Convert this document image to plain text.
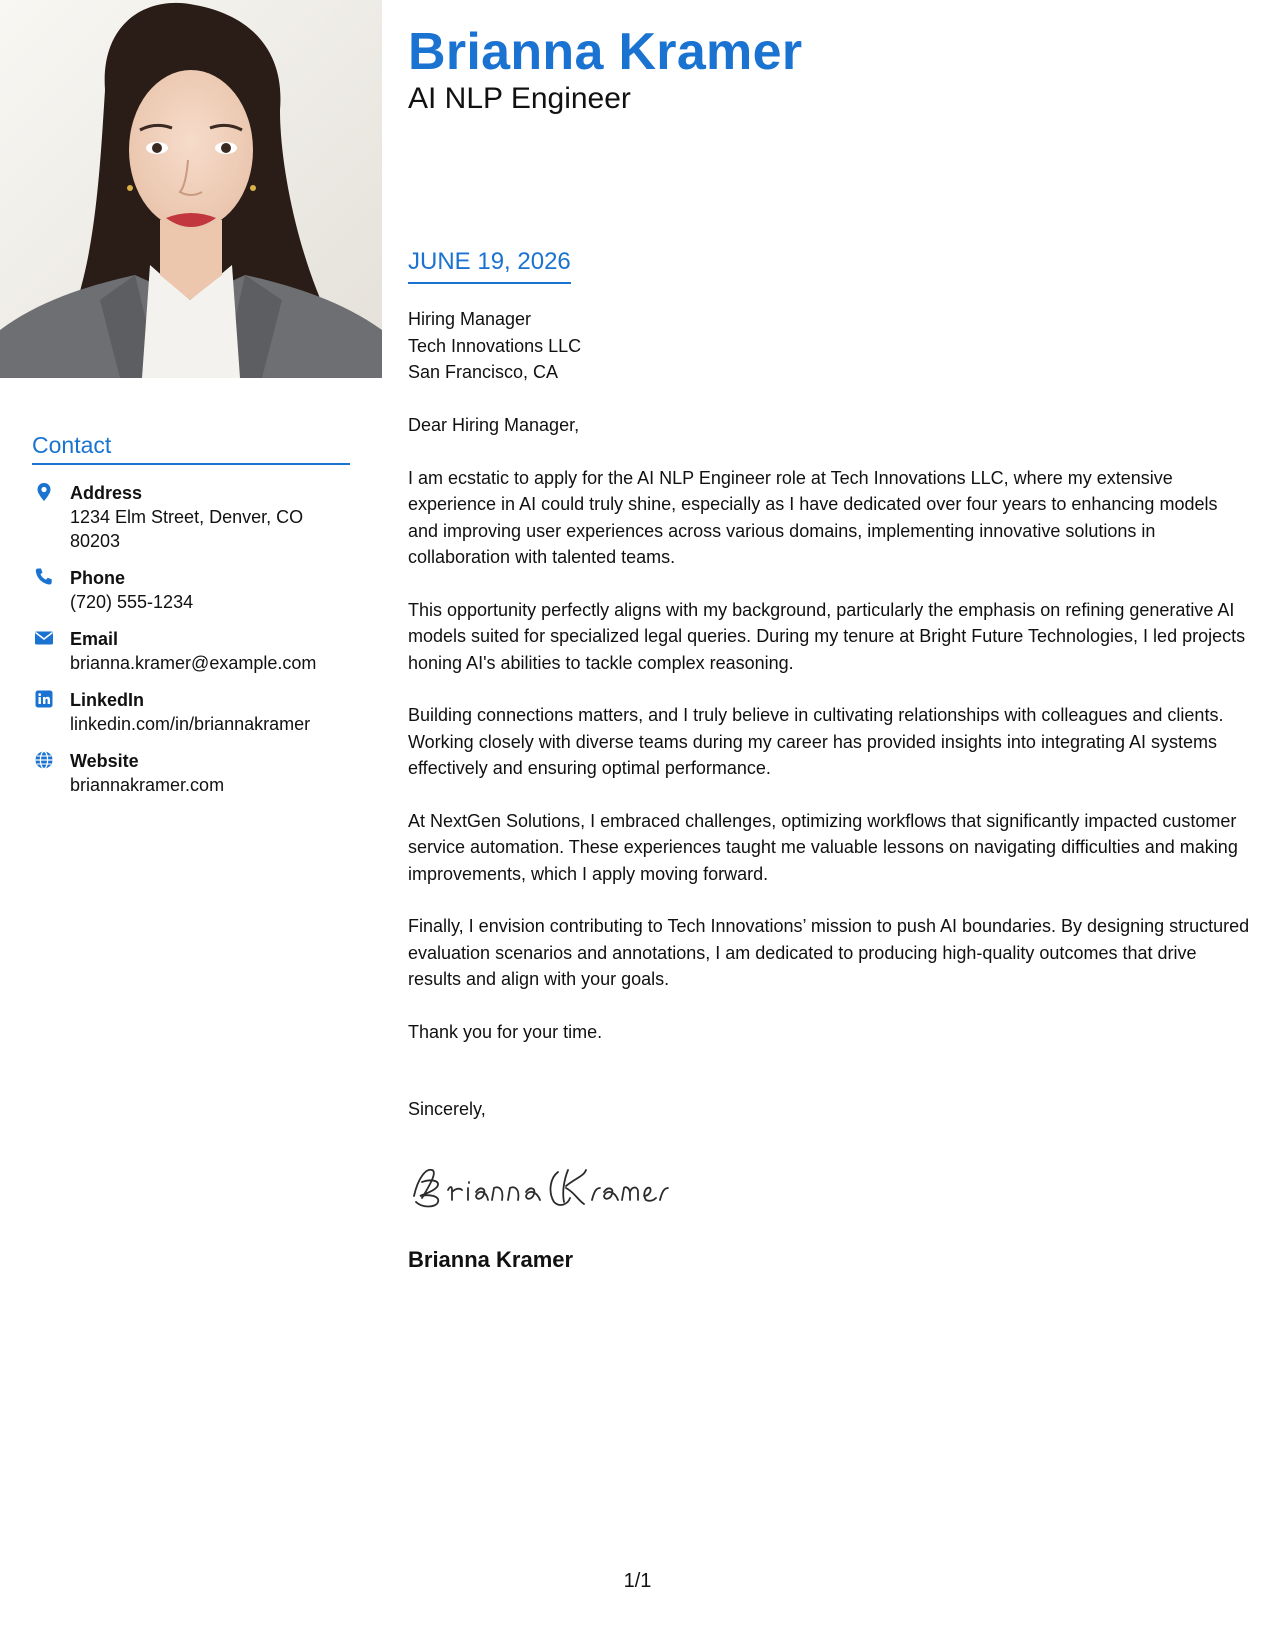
Contact
Address
1234 Elm Street, Denver, CO 80203
Phone
(720) 555-1234
Email
brianna.kramer@example.com
LinkedIn
linkedin.com/in/briannakramer
Website
briannakramer.com
Brianna Kramer
AI NLP Engineer
JUNE 19, 2026
Hiring Manager
Tech Innovations LLC
San Francisco, CA
Dear Hiring Manager,

I am ecstatic to apply for the AI NLP Engineer role at Tech Innovations LLC, where my extensive experience in AI could truly shine, especially as I have dedicated over four years to enhancing models and improving user experiences across various domains, implementing innovative solutions in collaboration with talented teams.

This opportunity perfectly aligns with my background, particularly the emphasis on refining generative AI models suited for specialized legal queries. During my tenure at Bright Future Technologies, I led projects honing AI's abilities to tackle complex reasoning.

Building connections matters, and I truly believe in cultivating relationships with colleagues and clients. Working closely with diverse teams during my career has provided insights into integrating AI systems effectively and ensuring optimal performance.

At NextGen Solutions, I embraced challenges, optimizing workflows that significantly impacted customer service automation. These experiences taught me valuable lessons on navigating difficulties and making improvements, which I apply moving forward.

Finally, I envision contributing to Tech Innovations’ mission to push AI boundaries. By designing structured evaluation scenarios and annotations, I am dedicated to producing high-quality outcomes that drive results and align with your goals.

Thank you for your time.

Sincerely,
Brianna Kramer
1/1
